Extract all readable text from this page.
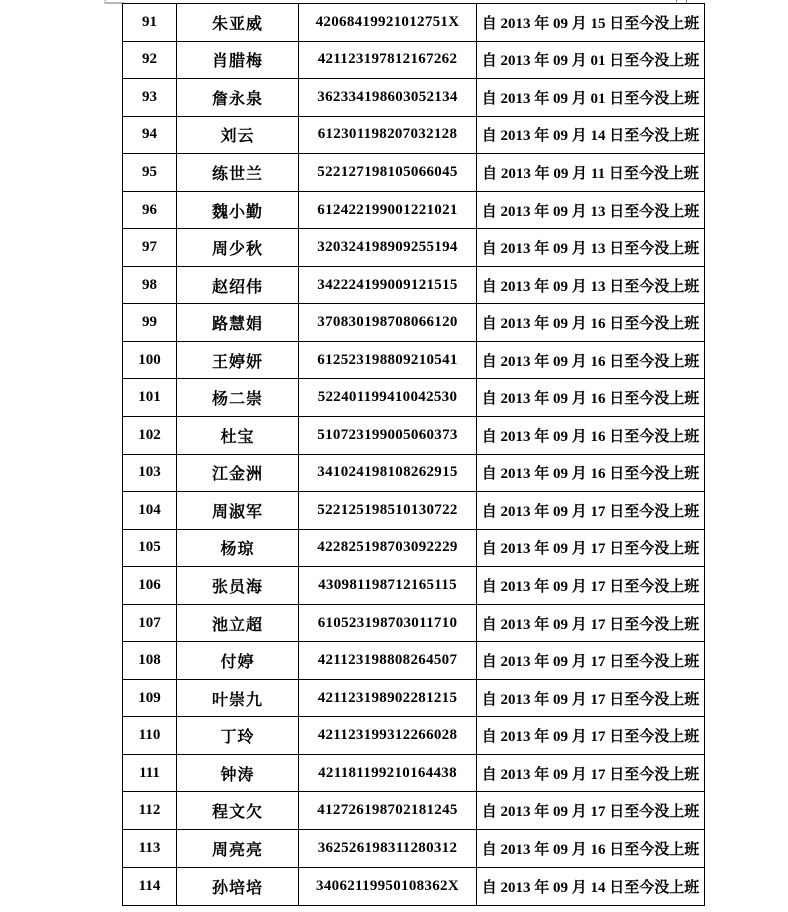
91	朱亚威	42068419921012751X	自 2013 年 09 月 15 日至今没上班
92	肖腊梅	421123197812167262	自 2013 年 09 月 01 日至今没上班
93	詹永泉	362334198603052134	自 2013 年 09 月 01 日至今没上班
94	刘云	612301198207032128	自 2013 年 09 月 14 日至今没上班
95	练世兰	522127198105066045	自 2013 年 09 月 11 日至今没上班
96	魏小勤	612422199001221021	自 2013 年 09 月 13 日至今没上班
97	周少秋	320324198909255194	自 2013 年 09 月 13 日至今没上班
98	赵绍伟	342224199009121515	自 2013 年 09 月 13 日至今没上班
99	路慧娟	370830198708066120	自 2013 年 09 月 16 日至今没上班
100	王婷妍	612523198809210541	自 2013 年 09 月 16 日至今没上班
101	杨二崇	522401199410042530	自 2013 年 09 月 16 日至今没上班
102	杜宝	510723199005060373	自 2013 年 09 月 16 日至今没上班
103	江金洲	341024198108262915	自 2013 年 09 月 16 日至今没上班
104	周淑军	522125198510130722	自 2013 年 09 月 17 日至今没上班
105	杨琼	422825198703092229	自 2013 年 09 月 17 日至今没上班
106	张员海	430981198712165115	自 2013 年 09 月 17 日至今没上班
107	池立超	610523198703011710	自 2013 年 09 月 17 日至今没上班
108	付婷	421123198808264507	自 2013 年 09 月 17 日至今没上班
109	叶崇九	421123198902281215	自 2013 年 09 月 17 日至今没上班
110	丁玲	421123199312266028	自 2013 年 09 月 17 日至今没上班
111	钟涛	421181199210164438	自 2013 年 09 月 17 日至今没上班
112	程文欠	412726198702181245	自 2013 年 09 月 17 日至今没上班
113	周亮亮	362526198311280312	自 2013 年 09 月 16 日至今没上班
114	孙培培	34062119950108362X	自 2013 年 09 月 14 日至今没上班
